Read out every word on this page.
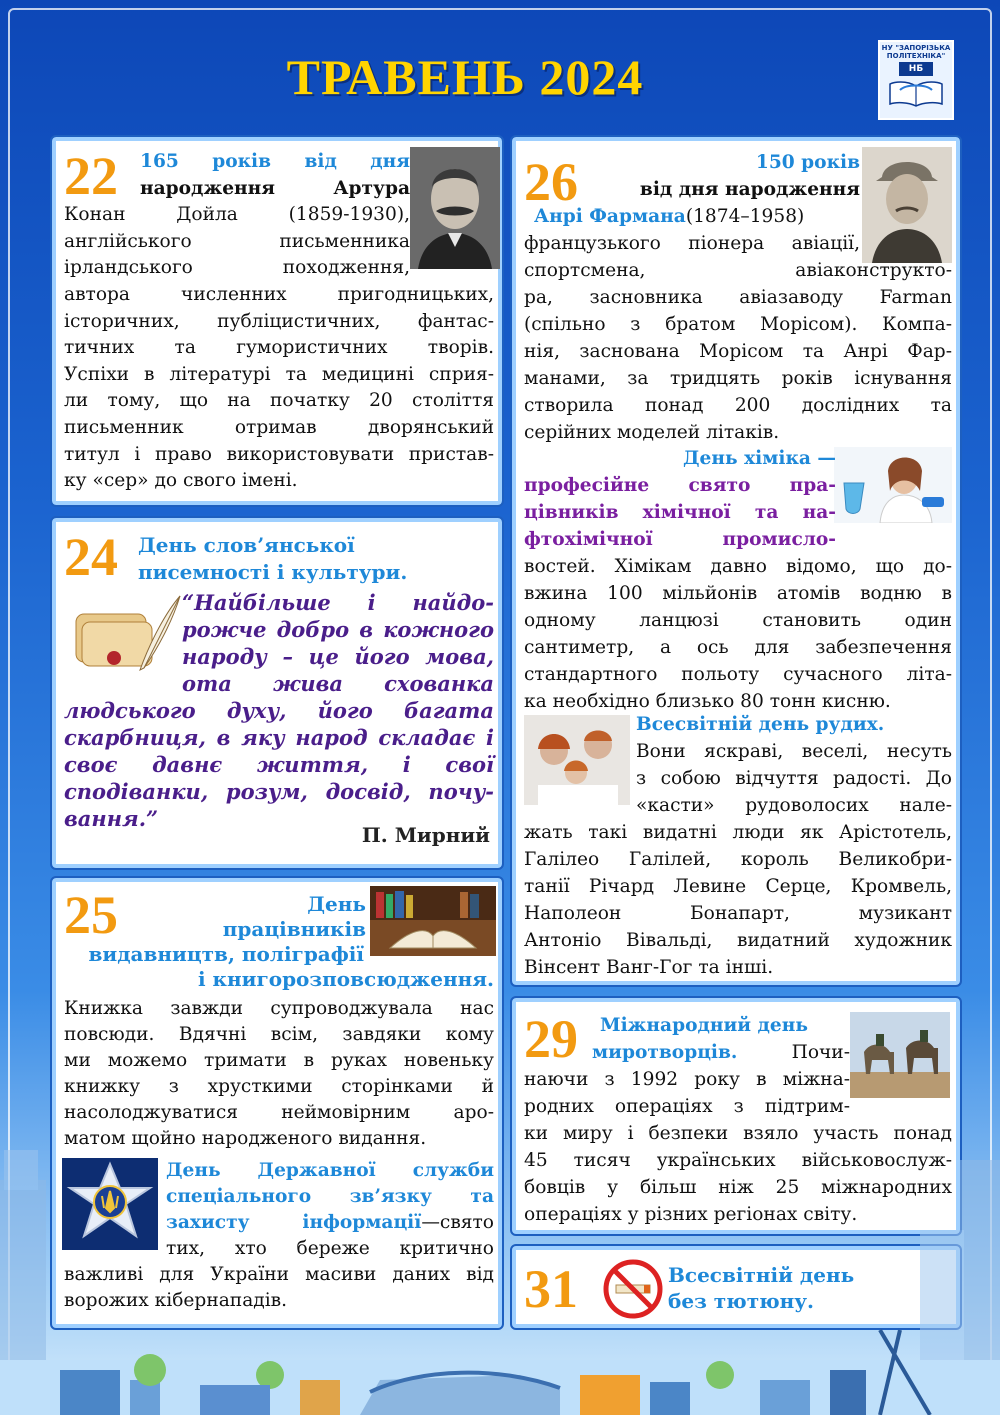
ТРАВЕНЬ 2024
НУ "ЗАПОРІЗЬКА ПОЛІТЕХНІКА"
НБ
22	165 років від дня
народження Артура
Конан Дойла (1859-1930),
англійського письменника
ірландського походження,
автора численних пригодницьких,
історичних, публіцистичних, фантас-
тичних та гумористичних творів.
Успіхи в літературі та медицині сприя-
ли тому, що на початку 20 століття
письменник отримав дворянський
титул і право використовувати пристав-
ку «сер» до свого імені.
24 День слов’янської
писемності і культури.
“Найбільше і найдо-
рожче добро в кожного
народу – це його мова,
ота жива схованка
людського духу, його багата
скарбниця, в яку народ складає і
своє давнє життя, і свої
сподіванки, розум, досвід, почу-
вання.”
П. Мирний
25	День
працівників
видавництв, поліграфії
і книгорозповсюдження.
Книжка завжди супроводжувала нас
повсюди. Вдячні всім, завдяки кому
ми можемо тримати в руках новеньку
книжку з хрусткими сторінками й
насолоджуватися неймовірним аро-
матом щойно народженого видання.
День Державної служби
спеціального зв’язку та
захисту інформації—свято
тих, хто береже критично
важливі для України масиви даних від
ворожих кібернападів.
26	150 років
від дня народження
Анрі Фармана(1874–1958)
французького піонера авіації,
спортсмена, авіаконструкто-
ра, засновника авіазаводу Farman
(спільно з братом Морісом). Компа-
нія, заснована Морісом та Анрі Фар-
манами, за тридцять років існування
створила понад 200 дослідних та
серійних моделей літаків.
День хіміка —
професійне свято пра-
цівників хімічної та на-
фтохімічної промисло-
востей. Хімікам давно відомо, що до-
вжина 100 мільйонів атомів водню в
одному ланцюзі становить один
сантиметр, а ось для забезпечення
стандартного польоту сучасного літа-
ка необхідно близько 80 тонн кисню.
Всесвітній день рудих.
Вони яскраві, веселі, несуть
з собою відчуття радості. До
«касти» рудоволосих нале-
жать такі видатні люди як Арістотель,
Галілео Галілей, король Великобри-
танії Річард Левине Серце, Кромвель,
Наполеон Бонапарт, музикант
Антоніо Вівальді, видатний художник
Вінсент Ванг-Гог та інші.
29	Міжнародний день
миротворців.	Почи-
наючи з 1992 року в міжна-
родних операціях з підтрим-
ки миру і безпеки взяло участь понад
45 тисяч українських військовослуж-
бовців у більш ніж 25 міжнародних
операціях у різних регіонах світу.
31	Всесвітній день
без тютюну.
